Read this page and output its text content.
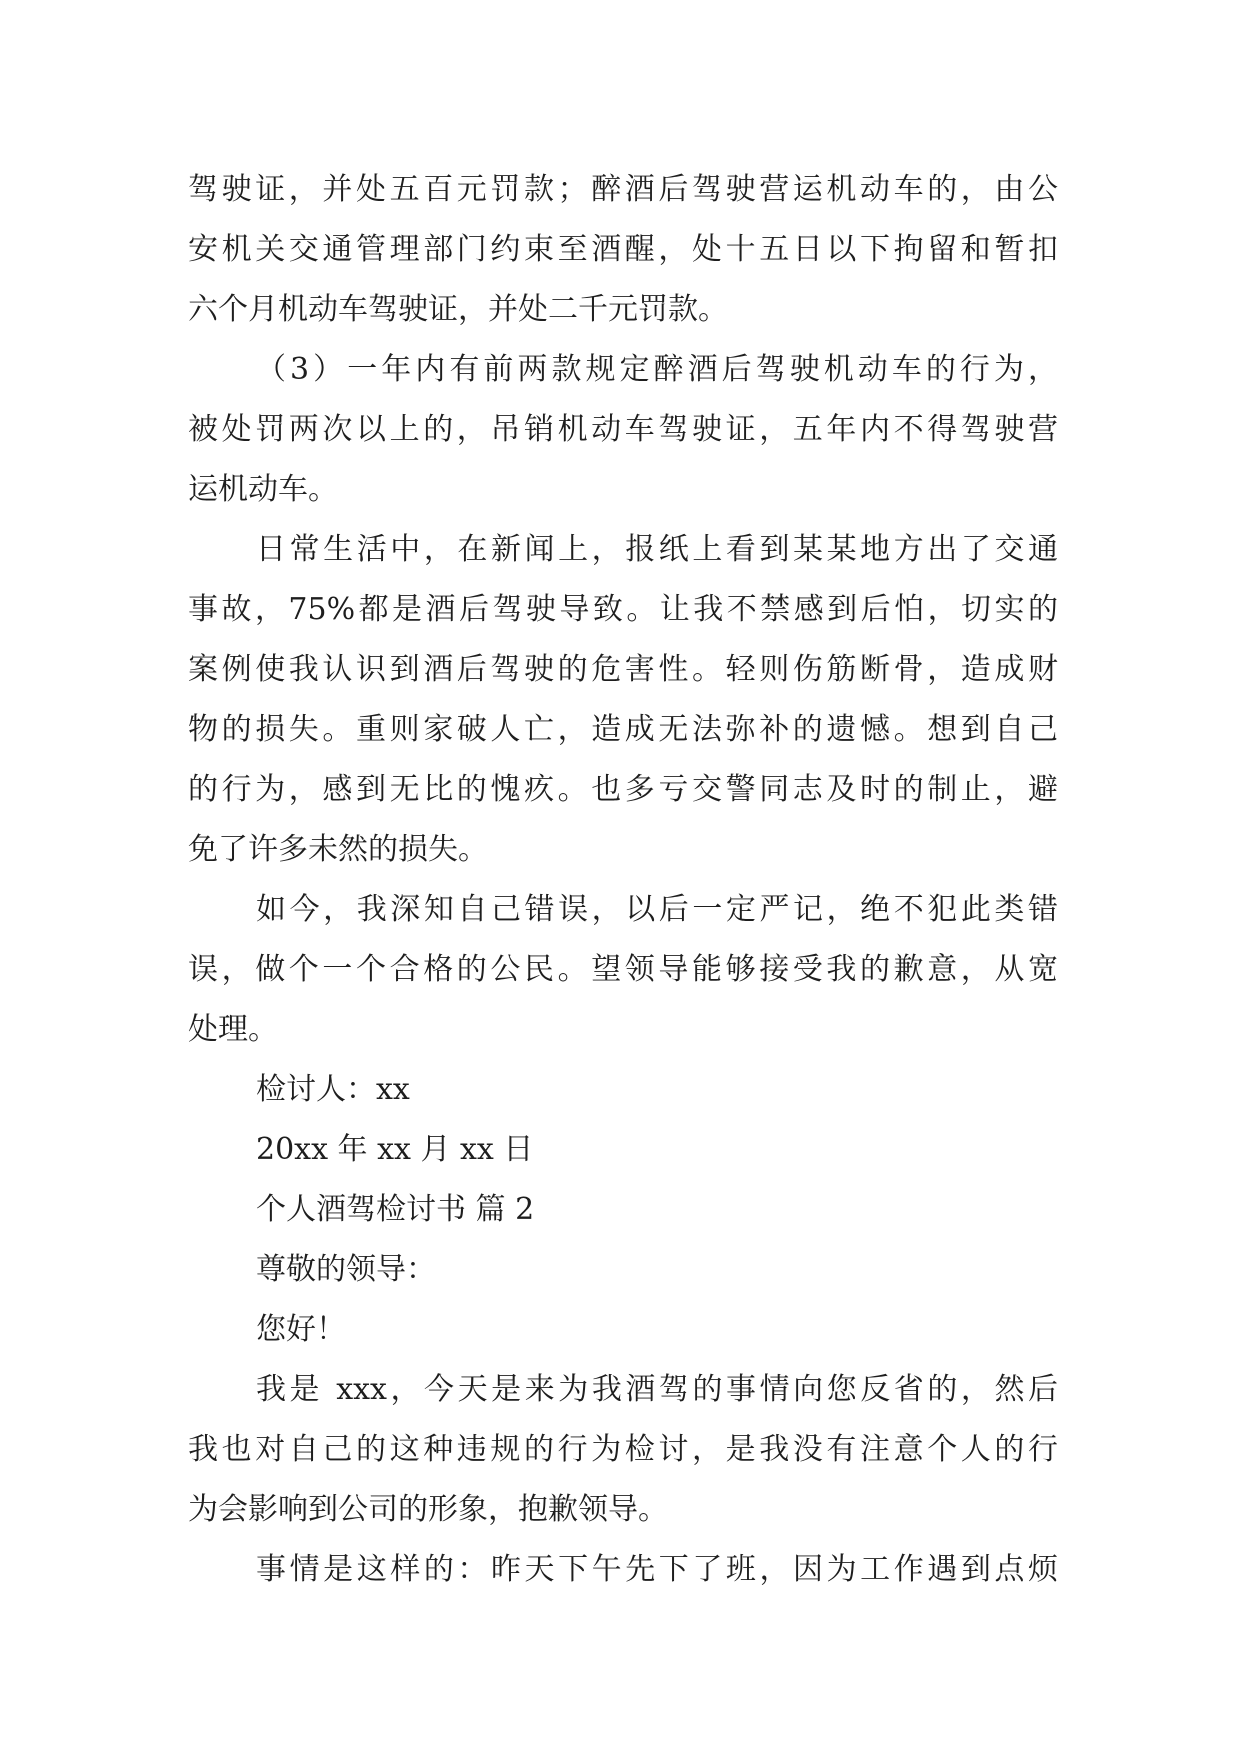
驾驶证，并处五百元罚款；醉酒后驾驶营运机动车的，由公
安机关交通管理部门约束至酒醒，处十五日以下拘留和暂扣
六个月机动车驾驶证，并处二千元罚款。
（3）一年内有前两款规定醉酒后驾驶机动车的行为，
被处罚两次以上的，吊销机动车驾驶证，五年内不得驾驶营
运机动车。
日常生活中，在新闻上，报纸上看到某某地方出了交通
事故，75%都是酒后驾驶导致。让我不禁感到后怕，切实的
案例使我认识到酒后驾驶的危害性。轻则伤筋断骨，造成财
物的损失。重则家破人亡，造成无法弥补的遗憾。想到自己
的行为，感到无比的愧疚。也多亏交警同志及时的制止，避
免了许多未然的损失。
如今，我深知自己错误，以后一定严记，绝不犯此类错
误，做个一个合格的公民。望领导能够接受我的歉意，从宽
处理。
检讨人：xx
20xx 年 xx 月 xx 日
个人酒驾检讨书 篇 2
尊敬的领导：
您好！
我是 xxx，今天是来为我酒驾的事情向您反省的，然后
我也对自己的这种违规的行为检讨，是我没有注意个人的行
为会影响到公司的形象，抱歉领导。
事情是这样的：昨天下午先下了班，因为工作遇到点烦
